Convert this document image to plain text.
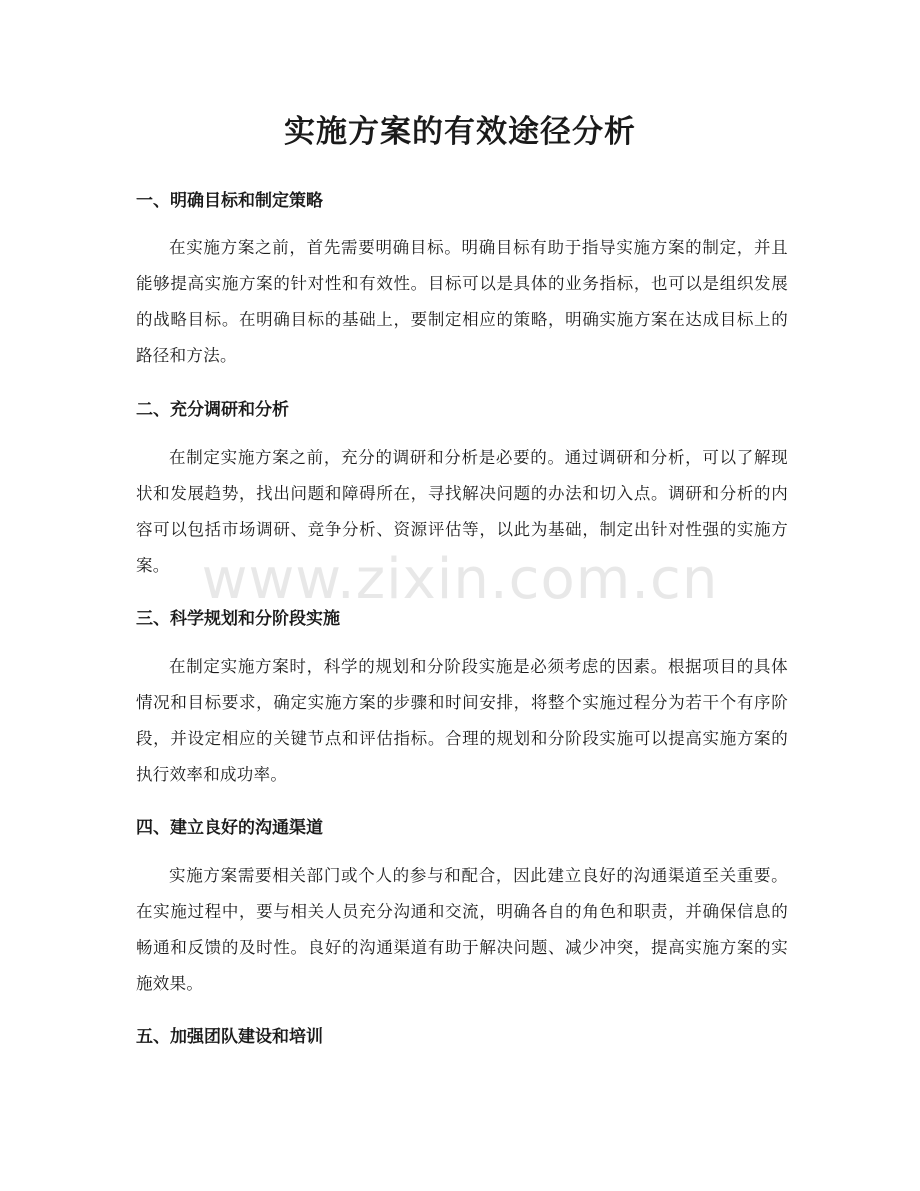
实施方案的有效途径分析
一、明确目标和制定策略

在实施方案之前，首先需要明确目标。明确目标有助于指导实施方案的制定，并且能够提高实施方案的针对性和有效性。目标可以是具体的业务指标，也可以是组织发展的战略目标。在明确目标的基础上，要制定相应的策略，明确实施方案在达成目标上的路径和方法。

二、充分调研和分析

在制定实施方案之前，充分的调研和分析是必要的。通过调研和分析，可以了解现状和发展趋势，找出问题和障碍所在，寻找解决问题的办法和切入点。调研和分析的内容可以包括市场调研、竞争分析、资源评估等，以此为基础，制定出针对性强的实施方案。

三、科学规划和分阶段实施

在制定实施方案时，科学的规划和分阶段实施是必须考虑的因素。根据项目的具体情况和目标要求，确定实施方案的步骤和时间安排，将整个实施过程分为若干个有序阶段，并设定相应的关键节点和评估指标。合理的规划和分阶段实施可以提高实施方案的执行效率和成功率。

四、建立良好的沟通渠道

实施方案需要相关部门或个人的参与和配合，因此建立良好的沟通渠道至关重要。在实施过程中，要与相关人员充分沟通和交流，明确各自的角色和职责，并确保信息的畅通和反馈的及时性。良好的沟通渠道有助于解决问题、减少冲突，提高实施方案的实施效果。

五、加强团队建设和培训
www.zixin.com.cn
